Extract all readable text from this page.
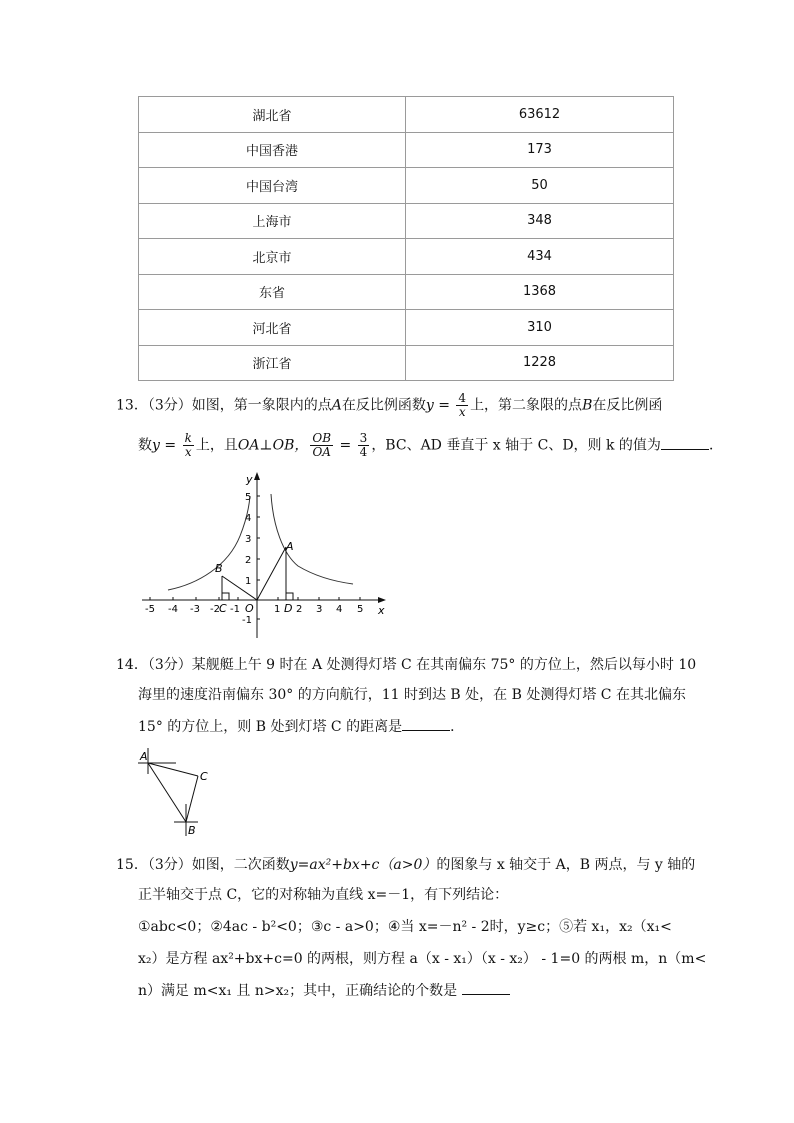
湖北省	63612
中国香港	173
中国台湾	50
上海市	348
北京市	434
东省	1368
河北省	310
浙江省	1228
13．（3分）如图，第一象限内的点A在反比例函数$y = \frac{4}{x}$ 上，第二象限的点B在反比例函
数$y = \frac{k}{x}$ 上，且OA⊥OB， $\frac{OB}{OA} = \frac{3}{4}$ ，BC、AD 垂直于 x 轴于 C、D，则 k 的值为	．
y
x
O
A
B
C	D
-5 -4 -3 -2 -1	1 2 3 4 5
5
4
3
2
1
-1
14．（3分）某舰艇上午 9 时在 A 处测得灯塔 C 在其南偏东 75° 的方位上，然后以每小时 10
海里的速度沿南偏东 30° 的方向航行，11 时到达 B 处，在 B 处测得灯塔 C 在其北偏东
15° 的方位上，则 B 处到灯塔 C 的距离是	．
A
C
B
15．（3分）如图，二次函数y=ax²+bx+c（a>0）的图象与 x 轴交于 A，B 两点，与 y 轴的
正半轴交于点 C，它的对称轴为直线 x=－1，有下列结论：
①abc<0；②4ac - b²<0；③c - a>0；④当 x=－n² - 2时，y≥c；⑤若 x₁，x₂（x₁<
x₂）是方程 ax²+bx+c=0 的两根，则方程 a（x - x₁）（x - x₂） - 1=0 的两根 m，n（m<
n）满足 m<x₁ 且 n>x₂；其中，正确结论的个数是
